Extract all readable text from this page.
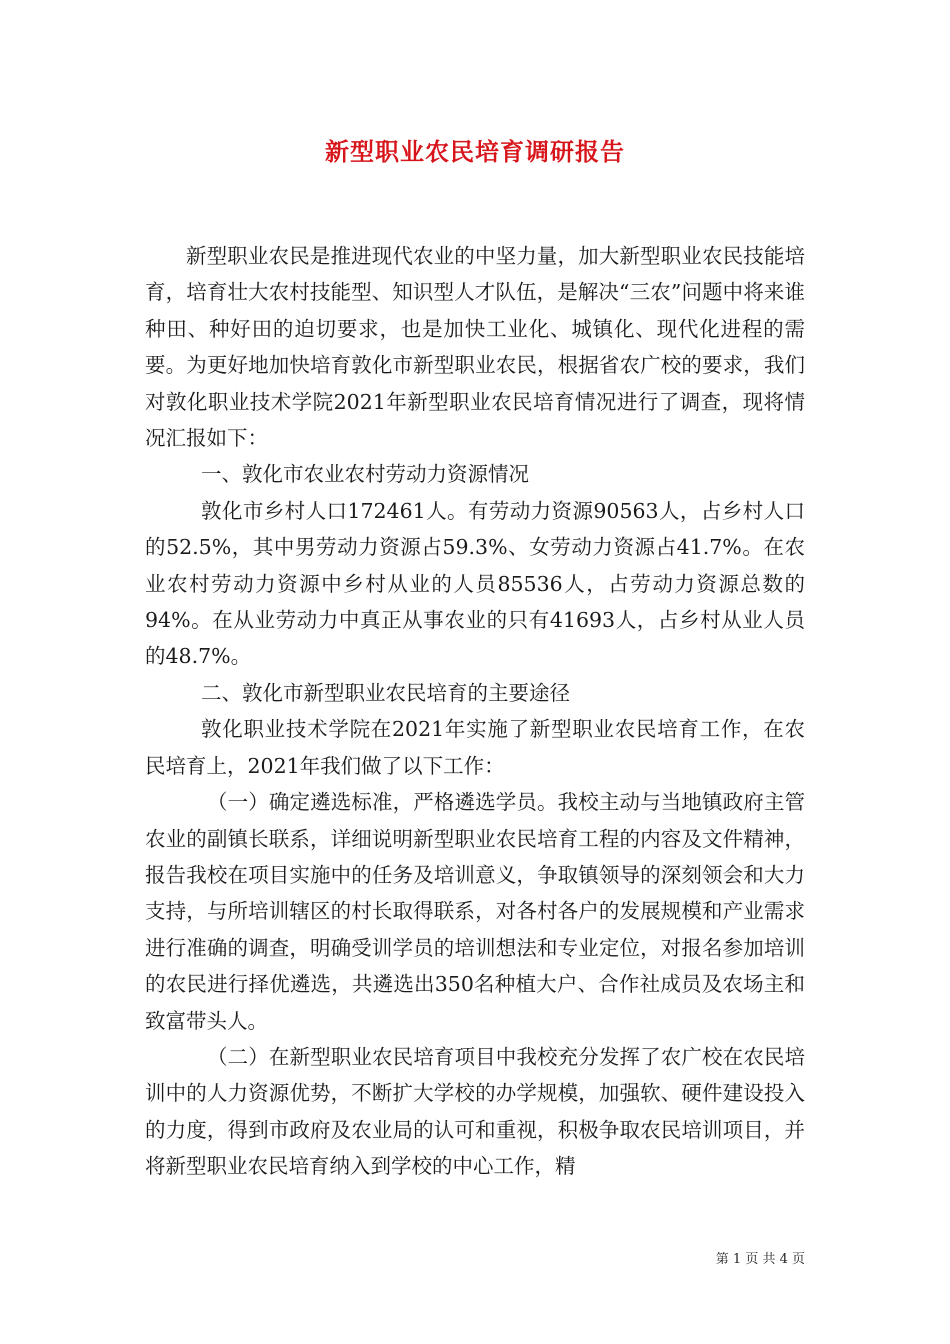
新型职业农民培育调研报告

新型职业农民是推进现代农业的中坚力量，加大新型职业农民技能培育，培育壮大农村技能型、知识型人才队伍，是解决“三农”问题中将来谁种田、种好田的迫切要求，也是加快工业化、城镇化、现代化进程的需要。为更好地加快培育敦化市新型职业农民，根据省农广校的要求，我们对敦化职业技术学院2021年新型职业农民培育情况进行了调查，现将情况汇报如下：

一、敦化市农业农村劳动力资源情况

敦化市乡村人口172461人。有劳动力资源90563人，占乡村人口的52.5%，其中男劳动力资源占59.3%、女劳动力资源占41.7%。在农业农村劳动力资源中乡村从业的人员85536人，占劳动力资源总数的94%。在从业劳动力中真正从事农业的只有41693人，占乡村从业人员的48.7%。

二、敦化市新型职业农民培育的主要途径

敦化职业技术学院在2021年实施了新型职业农民培育工作，在农民培育上，2021年我们做了以下工作：

（一）确定遴选标准，严格遴选学员。我校主动与当地镇政府主管农业的副镇长联系，详细说明新型职业农民培育工程的内容及文件精神，报告我校在项目实施中的任务及培训意义，争取镇领导的深刻领会和大力支持，与所培训辖区的村长取得联系，对各村各户的发展规模和产业需求进行准确的调查，明确受训学员的培训想法和专业定位，对报名参加培训的农民进行择优遴选，共遴选出350名种植大户、合作社成员及农场主和致富带头人。

（二）在新型职业农民培育项目中我校充分发挥了农广校在农民培训中的人力资源优势，不断扩大学校的办学规模，加强软、硬件建设投入的力度，得到市政府及农业局的认可和重视，积极争取农民培训项目，并将新型职业农民培育纳入到学校的中心工作，精

第 1 页 共 4 页
